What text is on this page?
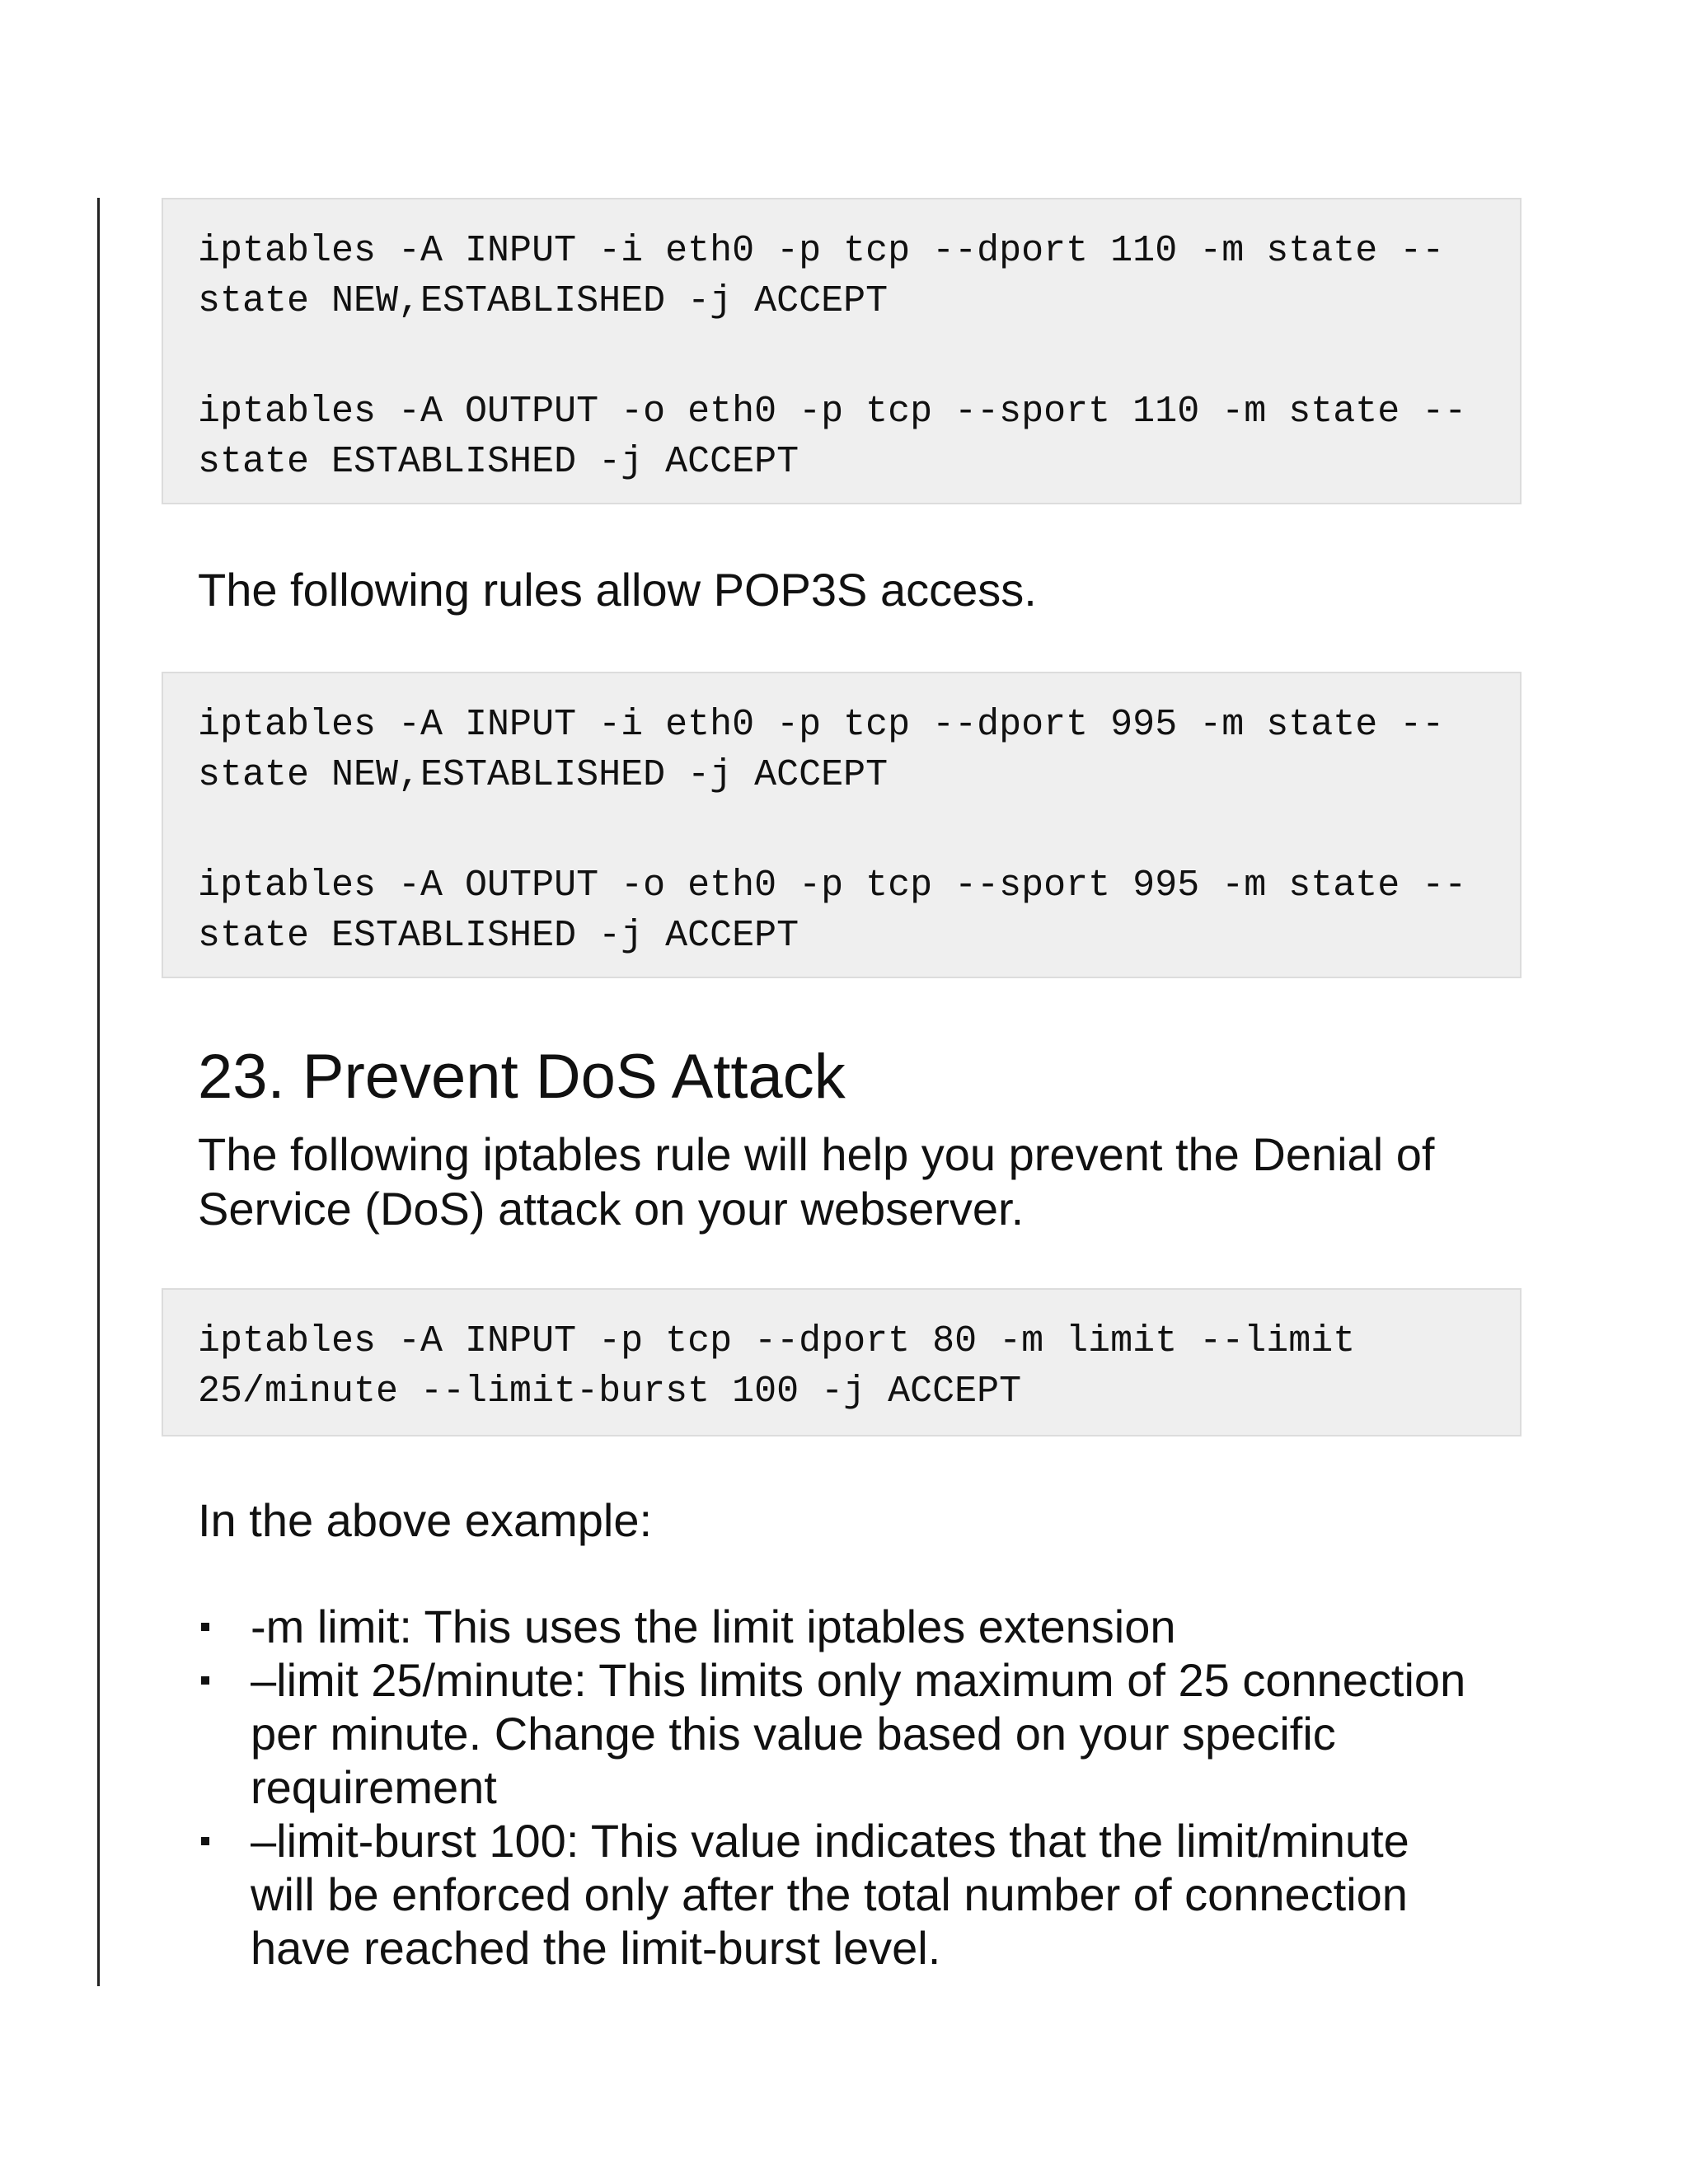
iptables -A INPUT -i eth0 -p tcp --dport 110 -m state --
state NEW,ESTABLISHED -j ACCEPT
iptables -A OUTPUT -o eth0 -p tcp --sport 110 -m state --
state ESTABLISHED -j ACCEPT

The following rules allow POP3S access.

iptables -A INPUT -i eth0 -p tcp --dport 995 -m state --
state NEW,ESTABLISHED -j ACCEPT
iptables -A OUTPUT -o eth0 -p tcp --sport 995 -m state --
state ESTABLISHED -j ACCEPT
23. Prevent DoS Attack
The following iptables rule will help you prevent the Denial of
Service (DoS) attack on your webserver.
iptables -A INPUT -p tcp --dport 80 -m limit --limit
25/minute --limit-burst 100 -j ACCEPT

In the above example:

-m limit: This uses the limit iptables extension
–limit 25/minute: This limits only maximum of 25 connection
per minute. Change this value based on your specific
requirement
–limit-burst 100: This value indicates that the limit/minute
will be enforced only after the total number of connection
have reached the limit-burst level.
